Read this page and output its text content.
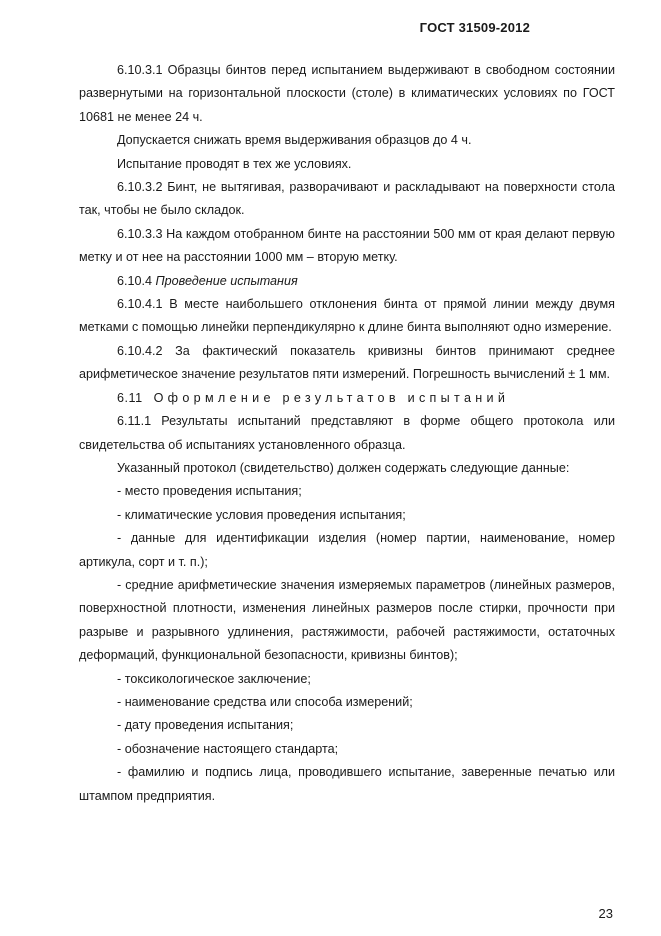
ГОСТ 31509-2012

6.10.3.1 Образцы бинтов перед испытанием выдерживают в свободном состоянии развернутыми на горизонтальной плоскости (столе) в климатических условиях по ГОСТ 10681 не менее 24 ч.

Допускается снижать время выдерживания образцов до 4 ч.

Испытание проводят в тех же условиях.

6.10.3.2 Бинт, не вытягивая, разворачивают и раскладывают на поверхности стола так, чтобы не было складок.

6.10.3.3 На каждом отобранном бинте на расстоянии 500 мм от края делают первую метку и от нее на расстоянии 1000 мм – вторую метку.

6.10.4 Проведение испытания

6.10.4.1 В месте наибольшего отклонения бинта от прямой линии между двумя метками с помощью линейки перпендикулярно к длине бинта выполняют одно измерение.

6.10.4.2 За фактический показатель кривизны бинтов принимают среднее арифметическое значение результатов пяти измерений. Погрешность вычислений ± 1 мм.

6.11 Оформление результатов испытаний

6.11.1 Результаты испытаний представляют в форме общего протокола или свидетельства об испытаниях установленного образца.

Указанный протокол (свидетельство) должен содержать следующие данные:

- место проведения испытания;

- климатические условия проведения испытания;

- данные для идентификации изделия (номер партии, наименование, номер артикула, сорт и т. п.);

- средние арифметические значения измеряемых параметров (линейных размеров, поверхностной плотности, изменения линейных размеров после стирки, прочности при разрыве и разрывного удлинения, растяжимости, рабочей растяжимости, остаточных деформаций, функциональной безопасности, кривизны бинтов);

- токсикологическое заключение;

- наименование средства или способа измерений;

- дату проведения испытания;

- обозначение настоящего стандарта;

- фамилию и подпись лица, проводившего испытание, заверенные печатью или штампом предприятия.

23
